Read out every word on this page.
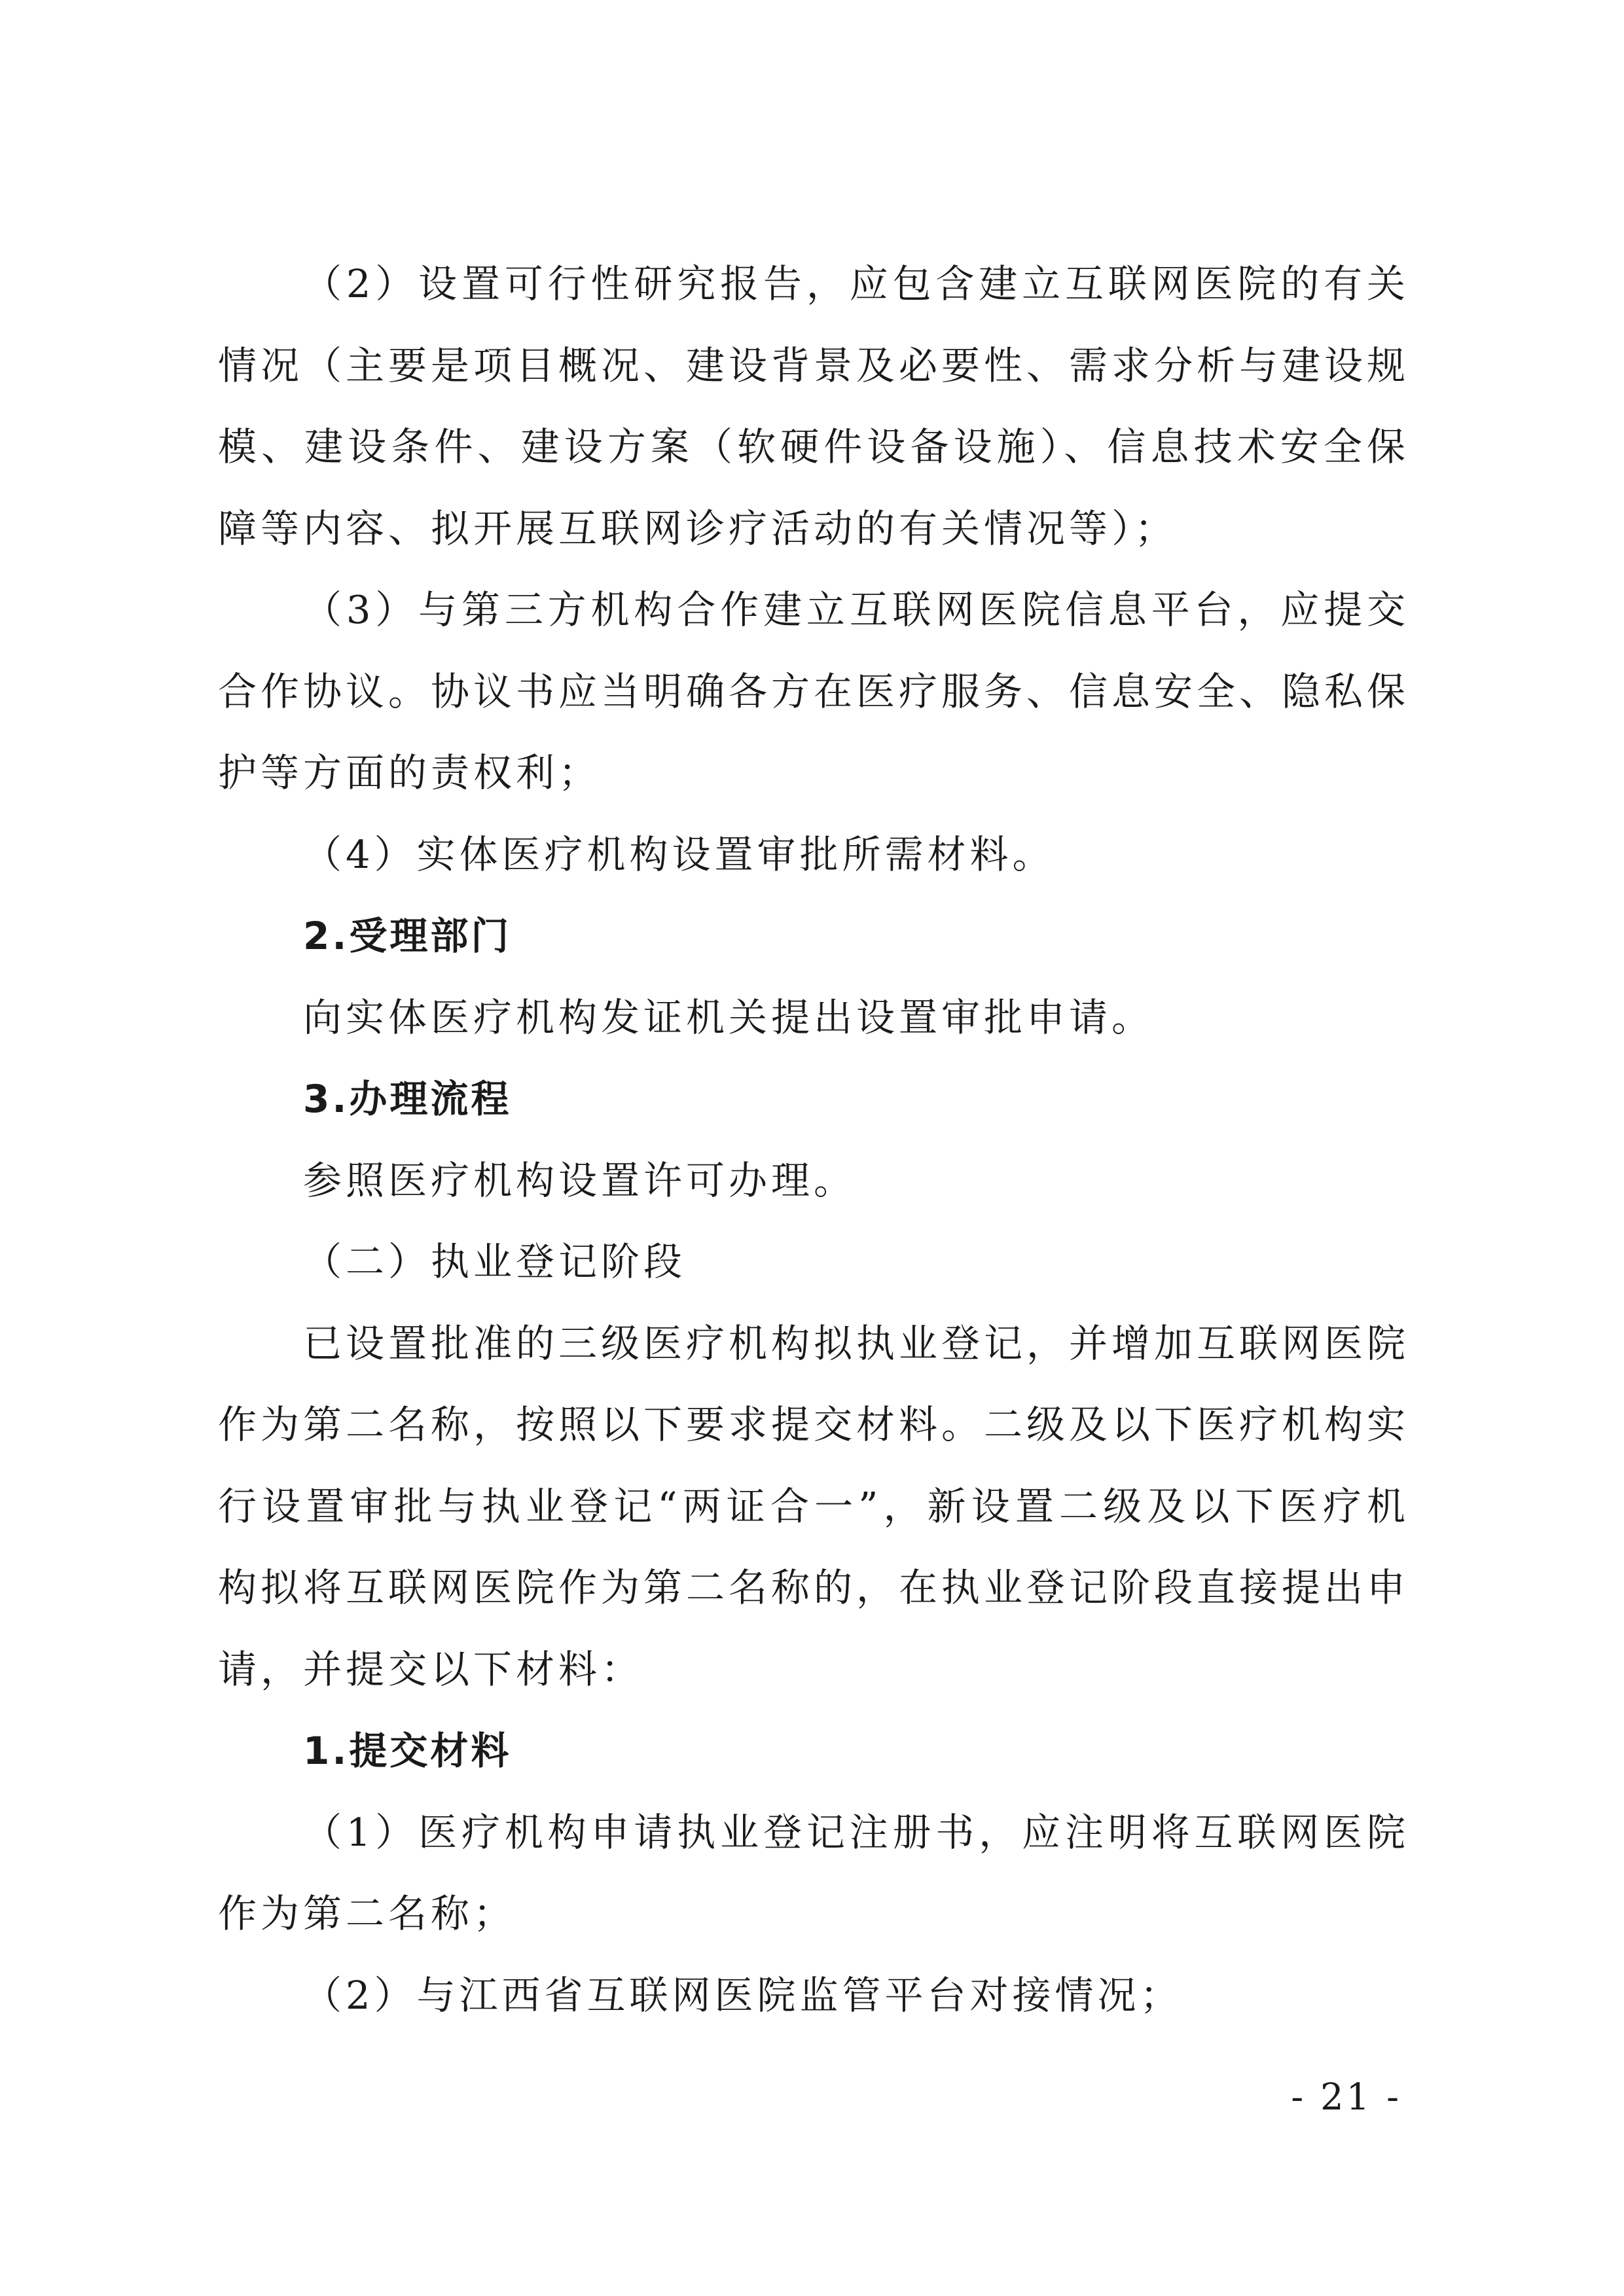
（2）设置可行性研究报告，应包含建立互联网医院的有关情况（主要是项目概况、建设背景及必要性、需求分析与建设规模、建设条件、建设方案（软硬件设备设施）、信息技术安全保障等内容、拟开展互联网诊疗活动的有关情况等）；

（3）与第三方机构合作建立互联网医院信息平台，应提交合作协议。协议书应当明确各方在医疗服务、信息安全、隐私保护等方面的责权利；

（4）实体医疗机构设置审批所需材料。

2.受理部门

向实体医疗机构发证机关提出设置审批申请。

3.办理流程

参照医疗机构设置许可办理。

（二）执业登记阶段

已设置批准的三级医疗机构拟执业登记，并增加互联网医院作为第二名称，按照以下要求提交材料。二级及以下医疗机构实行设置审批与执业登记“两证合一”，新设置二级及以下医疗机构拟将互联网医院作为第二名称的，在执业登记阶段直接提出申请，并提交以下材料：

1.提交材料

（1）医疗机构申请执业登记注册书，应注明将互联网医院作为第二名称；

（2）与江西省互联网医院监管平台对接情况；

- 21 -
